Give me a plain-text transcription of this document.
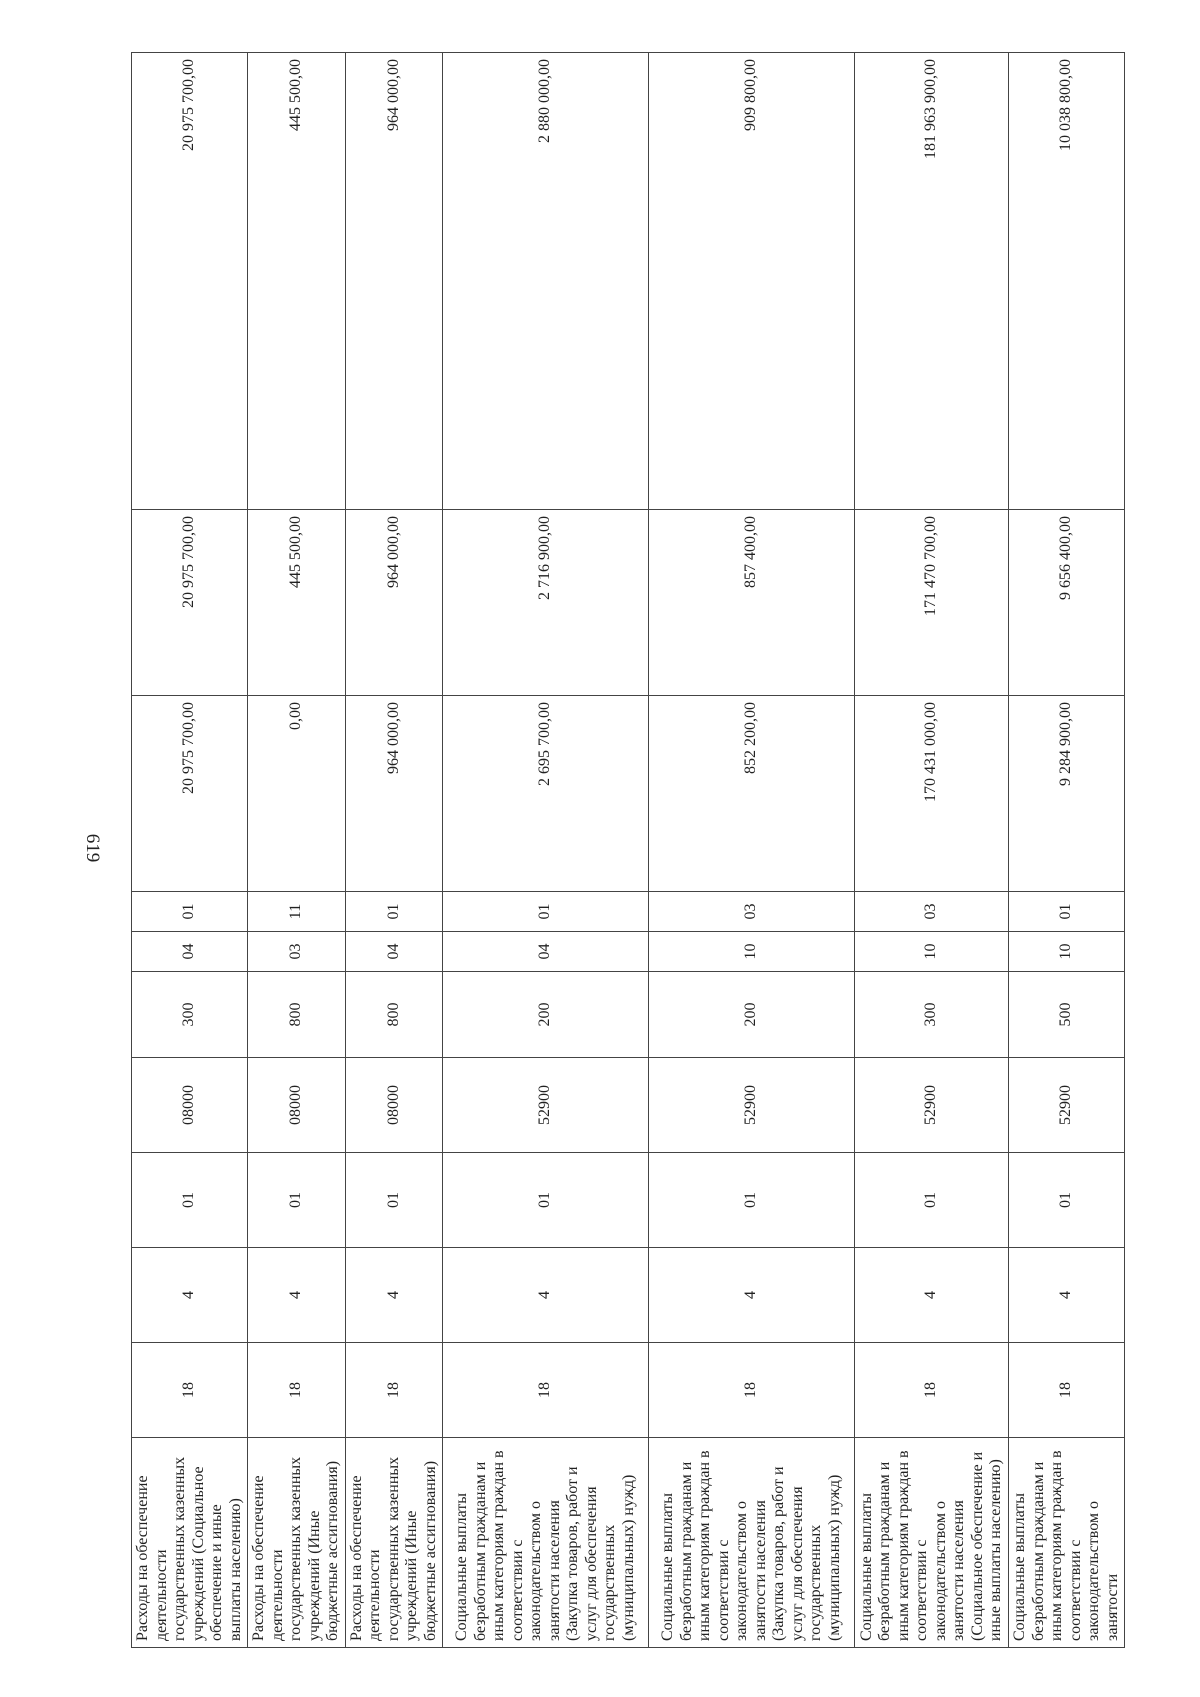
619
Расходы на обеспечение деятельности государственных казенных учреждений (Социальное обеспечение и иные выплаты населению)	18	4	01	08000	300	04	01	20 975 700,00	20 975 700,00	20 975 700,00
Расходы на обеспечение деятельности государственных казенных учреждений (Иные бюджетные ассигнования)	18	4	01	08000	800	03	11	0,00	445 500,00	445 500,00
Расходы на обеспечение деятельности государственных казенных учреждений (Иные бюджетные ассигнования)	18	4	01	08000	800	04	01	964 000,00	964 000,00	964 000,00
Социальные выплаты безработным гражданам и иным категориям граждан в соответствии с законодательством о занятости населения (Закупка товаров, работ и услуг для обеспечения государственных (муниципальных) нужд)	18	4	01	52900	200	04	01	2 695 700,00	2 716 900,00	2 880 000,00
Социальные выплаты безработным гражданам и иным категориям граждан в соответствии с законодательством о занятости населения (Закупка товаров, работ и услуг для обеспечения государственных (муниципальных) нужд)	18	4	01	52900	200	10	03	852 200,00	857 400,00	909 800,00
Социальные выплаты безработным гражданам и иным категориям граждан в соответствии с законодательством о занятости населения (Социальное обеспечение и иные выплаты населению)	18	4	01	52900	300	10	03	170 431 000,00	171 470 700,00	181 963 900,00
Социальные выплаты безработным гражданам и иным категориям граждан в соответствии с законодательством о занятости	18	4	01	52900	500	10	01	9 284 900,00	9 656 400,00	10 038 800,00
